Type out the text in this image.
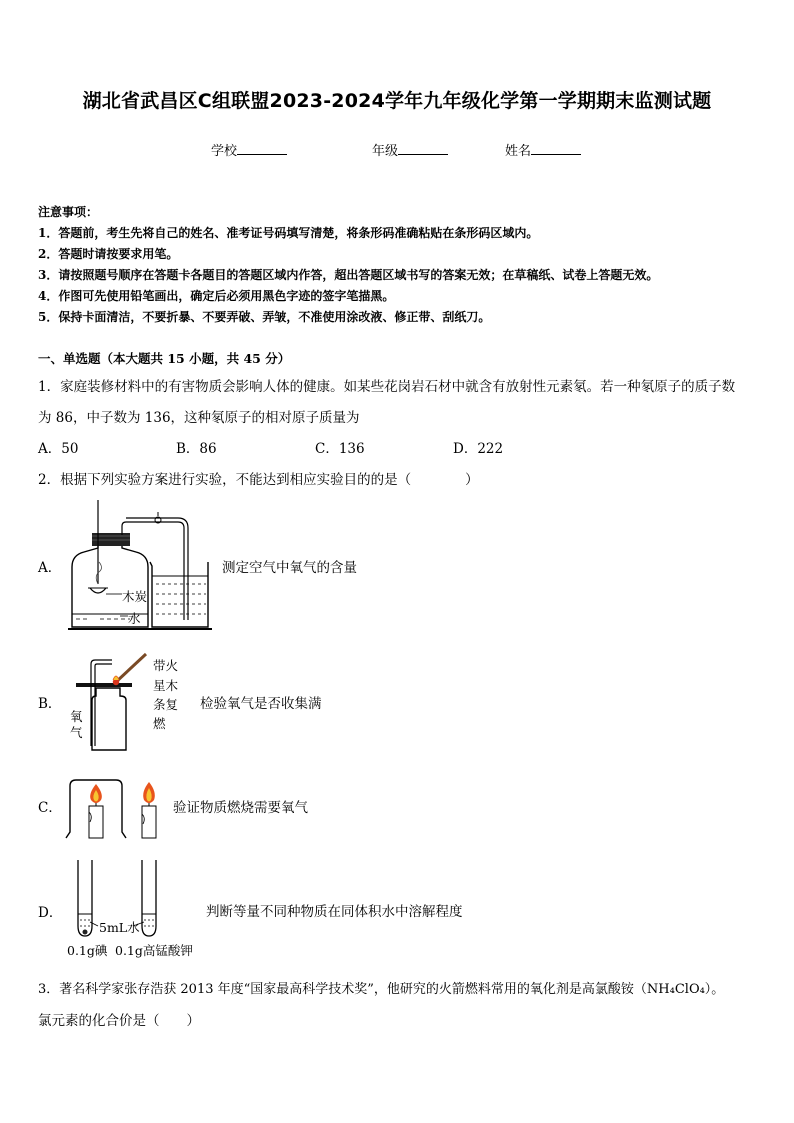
湖北省武昌区C组联盟2023-2024学年九年级化学第一学期期末监测试题
学校	年级	姓名
注意事项：
1．答题前，考生先将自己的姓名、准考证号码填写清楚，将条形码准确粘贴在条形码区域内。
2．答题时请按要求用笔。
3．请按照题号顺序在答题卡各题目的答题区域内作答，超出答题区域书写的答案无效；在草稿纸、试卷上答题无效。
4．作图可先使用铅笔画出，确定后必须用黑色字迹的签字笔描黑。
5．保持卡面清洁，不要折暴、不要弄破、弄皱，不准使用涂改液、修正带、刮纸刀。
一、单选题（本大题共 15 小题，共 45 分）
1．家庭装修材料中的有害物质会影响人体的健康。如某些花岗岩石材中就含有放射性元素氡。若一种氡原子的质子数
为 86，中子数为 136，这种氡原子的相对原子质量为
A．50	B．86	C．136	D．222
2．根据下列实验方案进行实验，不能达到相应实验目的的是（　　　　）
A．
木炭
水
测定空气中氧气的含量
B．
氧
气
带火
星木
条复
燃
检验氧气是否收集满
C．	验证物质燃烧需要氧气
D．
5mL水
0.1g碘 0.1g高锰酸钾
判断等量不同种物质在同体积水中溶解程度
3．著名科学家张存浩获 2013 年度“国家最高科学技术奖”，他研究的火箭燃料常用的氧化剂是高氯酸铵（NH₄ClO₄）。
氯元素的化合价是（　　）
